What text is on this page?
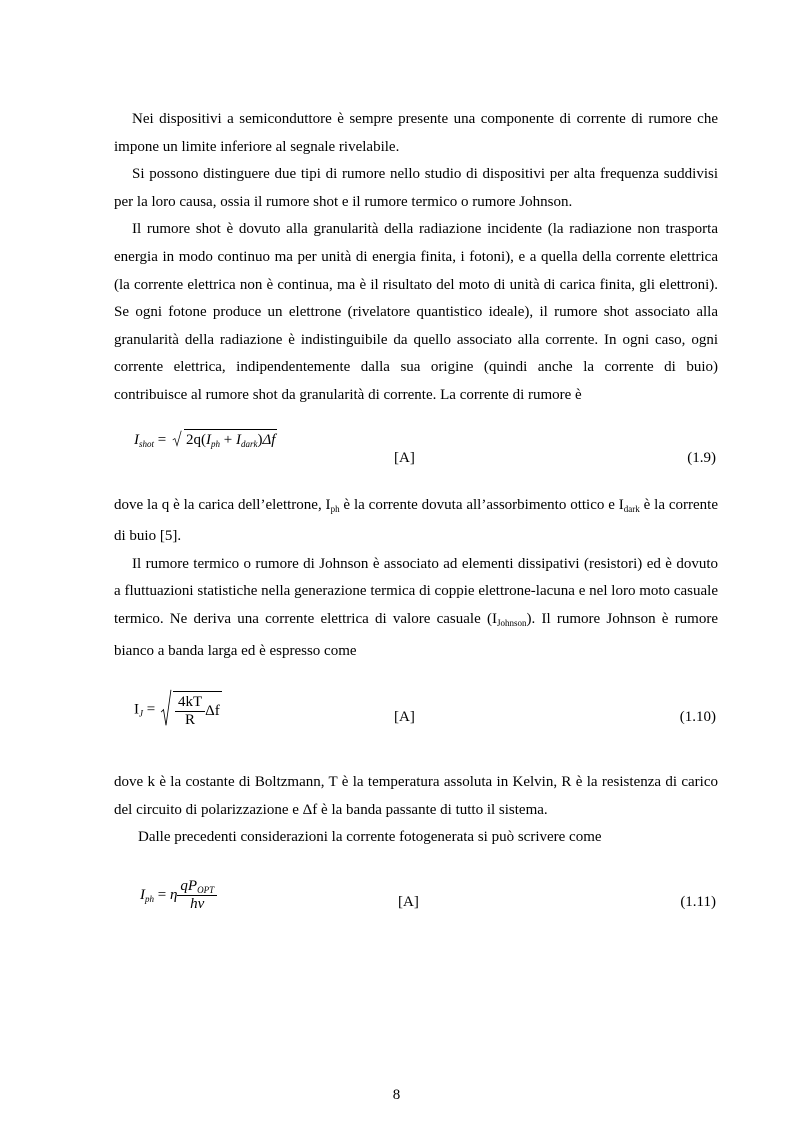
Nei dispositivi a semiconduttore è sempre presente una componente di corrente di rumore che impone un limite inferiore al segnale rivelabile.

Si possono distinguere due tipi di rumore nello studio di dispositivi per alta frequenza suddivisi per la loro causa, ossia il rumore shot e il rumore termico o rumore Johnson.

Il rumore shot è dovuto alla granularità della radiazione incidente (la radiazione non trasporta energia in modo continuo ma per unità di energia finita, i fotoni), e a quella della corrente elettrica (la corrente elettrica non è continua, ma è il risultato del moto di unità di carica finita, gli elettroni). Se ogni fotone produce un elettrone (rivelatore quantistico ideale), il rumore shot associato alla granularità della radiazione è indistinguibile da quello associato alla corrente. In ogni caso, ogni corrente elettrica, indipendentemente dalla sua origine (quindi anche la corrente di buio) contribuisce al rumore shot da granularità di corrente. La corrente di rumore è

$I_{shot}$ =
$2q(I_{ph} + I_{dark})\Delta f$
[A]	(1.9)

dove la q è la carica dell’elettrone, $I_{ph}$ è la corrente dovuta all’assorbimento ottico e $I_{dark}$ è la corrente di buio [5].

Il rumore termico o rumore di Johnson è associato ad elementi dissipativi (resistori) ed è dovuto a fluttuazioni statistiche nella generazione termica di coppie elettrone-lacuna e nel loro moto casuale termico. Ne deriva una corrente elettrica di valore casuale $(I_{Johnson})$. Il rumore Johnson è rumore bianco a banda larga ed è espresso come

$I_J = \frac{4kT}{R}$ Δf	[A]	(1.10)

dove k è la costante di Boltzmann, T è la temperatura assoluta in Kelvin, R è la resistenza di carico del circuito di polarizzazione e Δf è la banda passante di tutto il sistema.

Dalle precedenti considerazioni la corrente fotogenerata si può scrivere come

$I_{ph} = \eta \frac{qP_{OPT}}{h\nu}$	[A]	(1.11)
8
